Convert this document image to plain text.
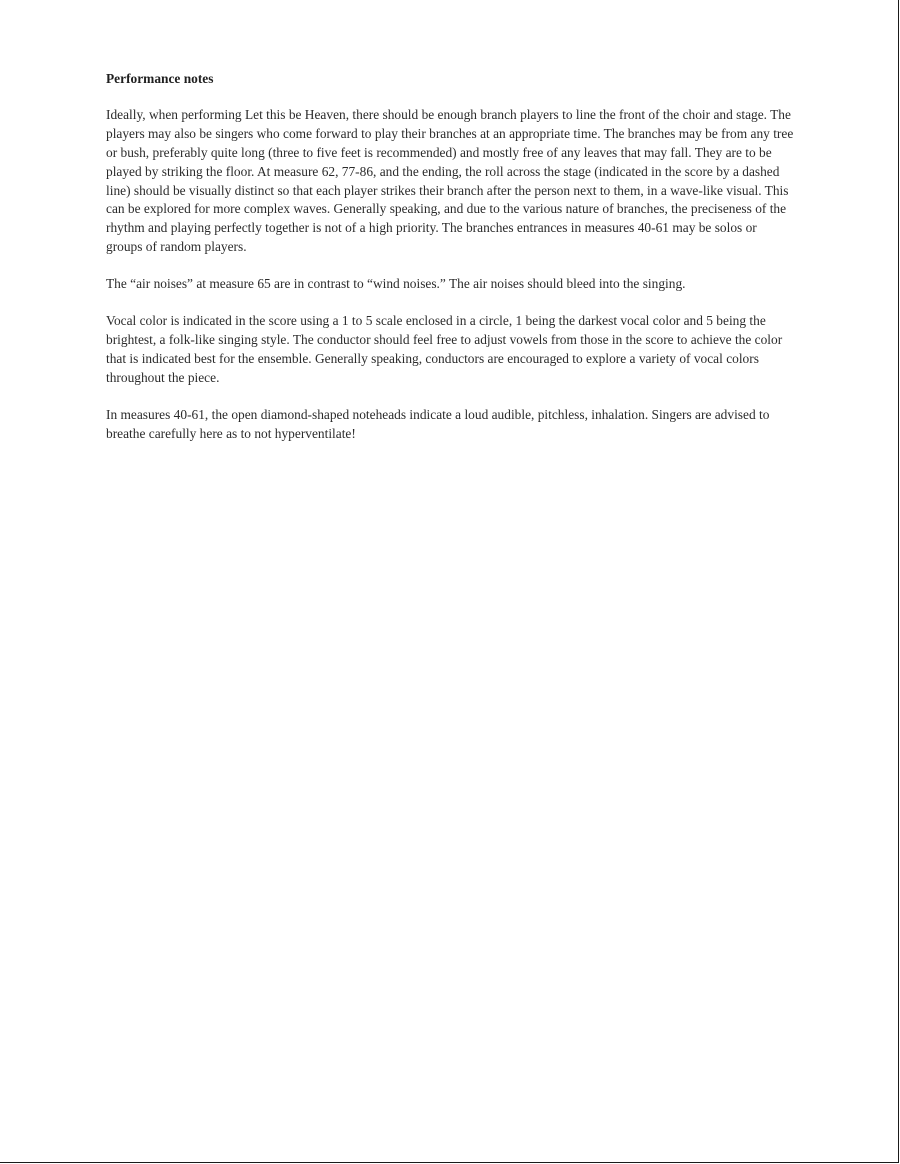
Performance notes

Ideally, when performing Let this be Heaven, there should be enough branch players to line the front of the choir and stage. The players may also be singers who come forward to play their branches at an appropriate time. The branches may be from any tree or bush, preferably quite long (three to five feet is recommended) and mostly free of any leaves that may fall. They are to be played by striking the floor. At measure 62, 77-86, and the ending, the roll across the stage (indicated in the score by a dashed line) should be visually distinct so that each player strikes their branch after the person next to them, in a wave-like visual. This can be explored for more complex waves. Generally speaking, and due to the various nature of branches, the preciseness of the rhythm and playing perfectly together is not of a high priority. The branches entrances in measures 40-61 may be solos or groups of random players.

The “air noises” at measure 65 are in contrast to “wind noises.” The air noises should bleed into the singing.

Vocal color is indicated in the score using a 1 to 5 scale enclosed in a circle, 1 being the darkest vocal color and 5 being the brightest, a folk-like singing style. The conductor should feel free to adjust vowels from those in the score to achieve the color that is indicated best for the ensemble. Generally speaking, conductors are encouraged to explore a variety of vocal colors throughout the piece.

In measures 40-61, the open diamond-shaped noteheads indicate a loud audible, pitchless, inhalation. Singers are advised to breathe carefully here as to not hyperventilate!
